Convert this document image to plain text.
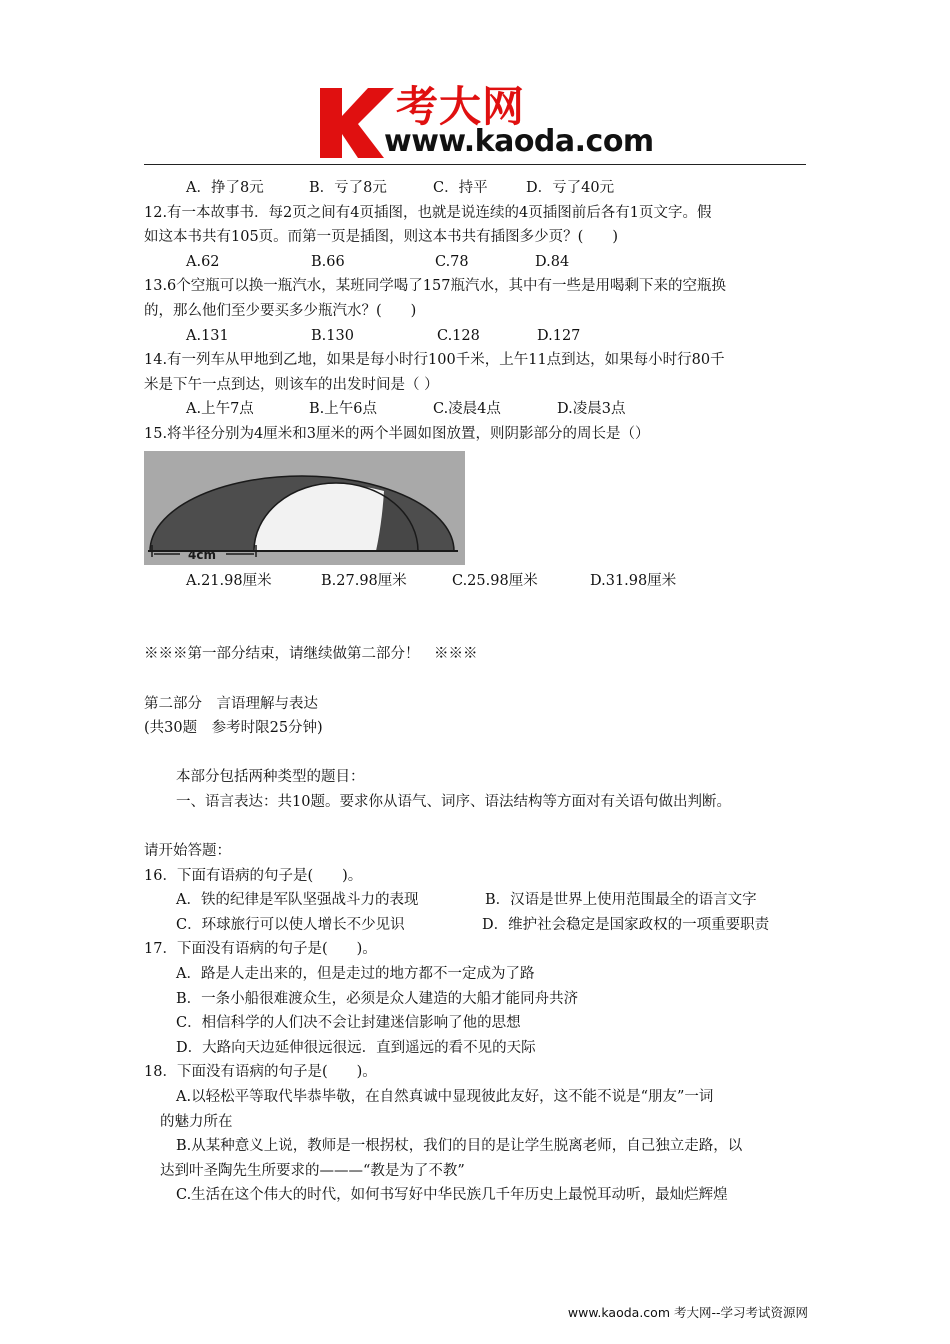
考大网
www.kaoda.com
A．挣了8元	B．亏了8元	C．持平	D．亏了40元
12.有一本故事书．每2页之间有4页插图，也就是说连续的4页插图前后各有1页文字。假
如这本书共有105页。而第一页是插图，则这本书共有插图多少页？(　　)
A.62	B.66	C.78	D.84
13.6个空瓶可以换一瓶汽水，某班同学喝了157瓶汽水，其中有一些是用喝剩下来的空瓶换
的，那么他们至少要买多少瓶汽水？(　　)
A.131	B.130	C.128	D.127
14.有一列车从甲地到乙地，如果是每小时行100千米，上午11点到达，如果每小时行80千
米是下午一点到达，则该车的出发时间是（ ）
A.上午7点	B.上午6点	C.凌晨4点	D.凌晨3点
15.将半径分别为4厘米和3厘米的两个半圆如图放置，则阴影部分的周长是（）
4cm
A.21.98厘米	B.27.98厘米	C.25.98厘米	D.31.98厘米
※※※第一部分结束，请继续做第二部分！　※※※
第二部分　言语理解与表达
(共30题　参考时限25分钟)
本部分包括两种类型的题目：
一、语言表达：共10题。要求你从语气、词序、语法结构等方面对有关语句做出判断。
请开始答题：
16．下面有语病的句子是(　　)。
A．铁的纪律是军队坚强战斗力的表现	B．汉语是世界上使用范围最全的语言文字
C．环球旅行可以使人增长不少见识	D．维护社会稳定是国家政权的一项重要职责
17．下面没有语病的句子是(　　)。
A．路是人走出来的，但是走过的地方都不一定成为了路
B．一条小船很难渡众生，必须是众人建造的大船才能同舟共济
C．相信科学的人们决不会让封建迷信影响了他的思想
D．大路向天边延伸很远很远．直到遥远的看不见的天际
18．下面没有语病的句子是(　　)。
A.以轻松平等取代毕恭毕敬，在自然真诚中显现彼此友好，这不能不说是“朋友”一词
的魅力所在
B.从某种意义上说，教师是一根拐杖，我们的目的是让学生脱离老师，自己独立走路，以
达到叶圣陶先生所要求的———“教是为了不教”
C.生活在这个伟大的时代，如何书写好中华民族几千年历史上最悦耳动听，最灿烂辉煌
www.kaoda.com 考大网--学习考试资源网
